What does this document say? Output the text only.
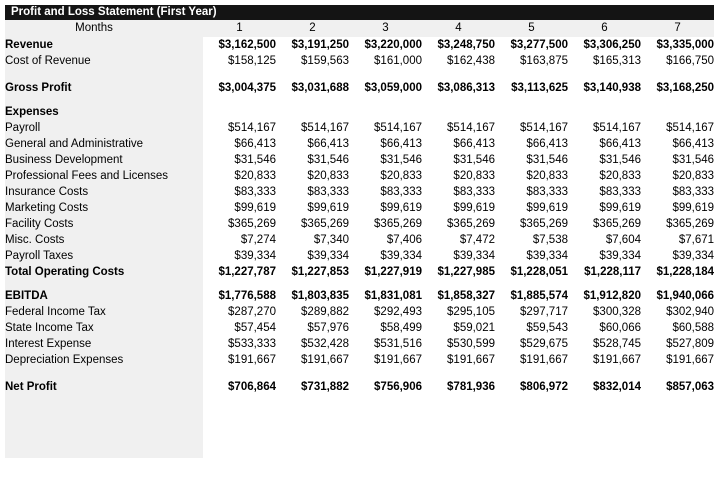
Profit and Loss Statement (First Year)							
Months	1	2	3	4	5	6	7
Revenue	$3,162,500	$3,191,250	$3,220,000	$3,248,750	$3,277,500	$3,306,250	$3,335,000
Cost of Revenue	$158,125	$159,563	$161,000	$162,438	$163,875	$165,313	$166,750

Gross Profit	$3,004,375	$3,031,688	$3,059,000	$3,086,313	$3,113,625	$3,140,938	$3,168,250

Expenses							
Payroll	$514,167	$514,167	$514,167	$514,167	$514,167	$514,167	$514,167
General and Administrative	$66,413	$66,413	$66,413	$66,413	$66,413	$66,413	$66,413
Business Development	$31,546	$31,546	$31,546	$31,546	$31,546	$31,546	$31,546
Professional Fees and Licenses	$20,833	$20,833	$20,833	$20,833	$20,833	$20,833	$20,833
Insurance Costs	$83,333	$83,333	$83,333	$83,333	$83,333	$83,333	$83,333
Marketing Costs	$99,619	$99,619	$99,619	$99,619	$99,619	$99,619	$99,619
Facility Costs	$365,269	$365,269	$365,269	$365,269	$365,269	$365,269	$365,269
Misc. Costs	$7,274	$7,340	$7,406	$7,472	$7,538	$7,604	$7,671
Payroll Taxes	$39,334	$39,334	$39,334	$39,334	$39,334	$39,334	$39,334
Total Operating Costs	$1,227,787	$1,227,853	$1,227,919	$1,227,985	$1,228,051	$1,228,117	$1,228,184

EBITDA	$1,776,588	$1,803,835	$1,831,081	$1,858,327	$1,885,574	$1,912,820	$1,940,066
Federal Income Tax	$287,270	$289,882	$292,493	$295,105	$297,717	$300,328	$302,940
State Income Tax	$57,454	$57,976	$58,499	$59,021	$59,543	$60,066	$60,588
Interest Expense	$533,333	$532,428	$531,516	$530,599	$529,675	$528,745	$527,809
Depreciation Expenses	$191,667	$191,667	$191,667	$191,667	$191,667	$191,667	$191,667

Net Profit	$706,864	$731,882	$756,906	$781,936	$806,972	$832,014	$857,063
